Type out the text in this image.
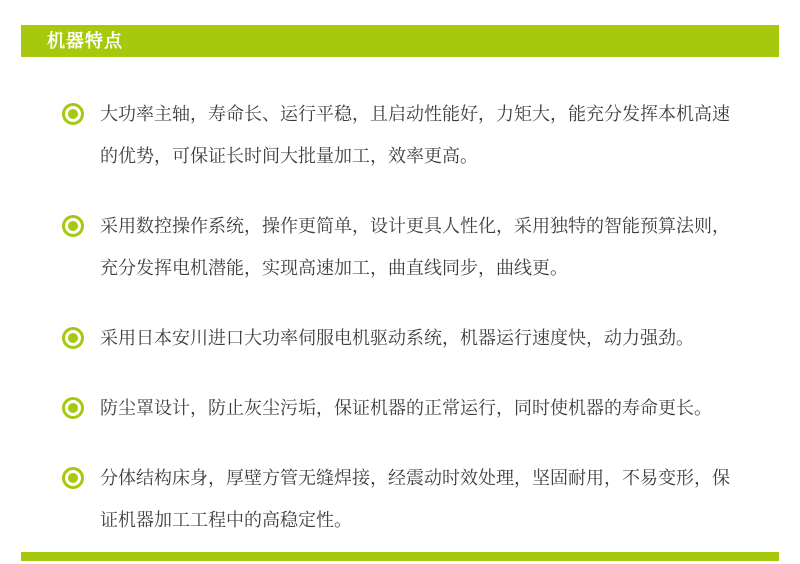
机器特点
大功率主轴，寿命长、运行平稳，且启动性能好，力矩大，能充分发挥本机高速
的优势，可保证长时间大批量加工，效率更高。
采用数控操作系统，操作更简单，设计更具人性化，采用独特的智能预算法则，
充分发挥电机潜能，实现高速加工，曲直线同步，曲线更。
采用日本安川进口大功率伺服电机驱动系统，机器运行速度快，动力强劲。
防尘罩设计，防止灰尘污垢，保证机器的正常运行，同时使机器的寿命更长。
分体结构床身，厚壁方管无缝焊接，经震动时效处理，坚固耐用，不易变形，保
证机器加工工程中的高稳定性。
